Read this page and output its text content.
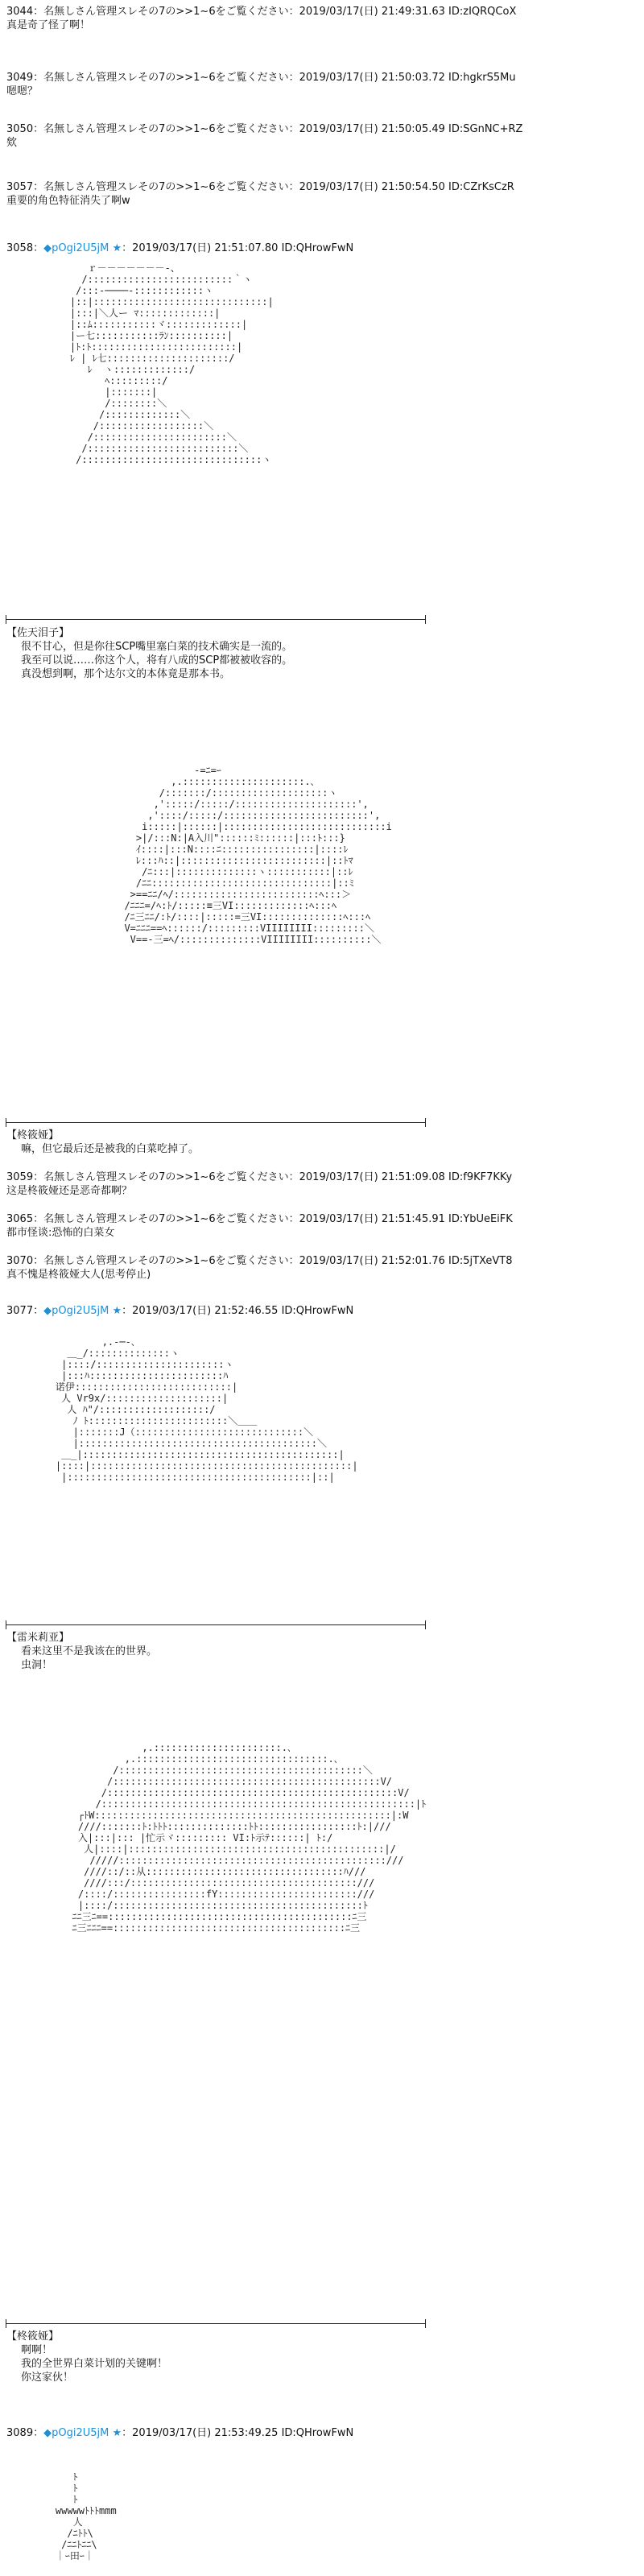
3044：名無しさん管理スレその7の>>1~6をご覧ください：2019/03/17(日) 21:49:31.63 ID:zIQRQCoX
真是奇了怪了啊！
3049：名無しさん管理スレその7の>>1~6をご覧ください：2019/03/17(日) 21:50:03.72 ID:hgkrS5Mu
嗯嗯？
3050：名無しさん管理スレその7の>>1~6をご覧ください：2019/03/17(日) 21:50:05.49 ID:SGnNC+RZ
欸
3057：名無しさん管理スレその7の>>1~6をご覧ください：2019/03/17(日) 21:50:54.50 ID:CZrKsCzR
重要的角色特征消失了啊w
3058：◆pOgi2U5jM ★：2019/03/17(日) 21:51:07.80 ID:QHrowFwN
ｒ－－－－－－－-、
/:::::::::::::::::::::::::｀ヽ
/:::-────-::::::::::::ヽ
|::|::::::::::::::::::::::::::::::|
|:::|＼人ー ﾏ:::::::::::::|
|::ﾑ:::::::::::ヾ:::::::::::::|
|ー七:::::::::::ﾗﾝ::::::::::|
|ﾄ:ﾄ:::::::::::::::::::::::::|
ﾚ | ﾚ七:::::::::::::::::::::/
ﾚ  ヽ:::::::::::::/
ﾍ:::::::::/
|:::::::|
/::::::::＼
/:::::::::::::＼
/::::::::::::::::::＼
/:::::::::::::::::::::::＼
/::::::::::::::::::::::::::＼
/:::::::::::::::::::::::::::::::ヽ
【佐天泪子】
很不甘心，但是你往SCP嘴里塞白菜的技术确实是一流的。
我至可以说……你这个人，将有八成的SCP都被被收容的。
真没想到啊，那个达尔文的本体竟是那本书。
-=ﾆ=ｰ
,.:::::::::::::::::::::.､
/:::::::/::::::::::::::::::::ヽ
,':::::/:::::/:::::::::::::::::::::',
,'::::/:::::/:::::::::::::::::::::::::',
i:::::|::::::|::::::::::::::::::::::::::::i
>|/:::N:|A入川"::::::ﾐ::::::|:::ﾄ:::}
ｲ::::|:::N::::ﾆ::::::::::::::::|::::ﾚ
ﾚ:::ﾊ::|:::::::::::::::::::::::::|::ﾄﾏ
/ﾆ:::|::::::::::::::ヽ:::::::::::|::ﾚ
/ﾆﾆ:::::::::::::::::::::::::::::::|::ﾐ
>==ﾆﾆ/ﾍ/:::::::::::::::::::::::::ﾍ:::＞
/ﾆﾆﾆ=/ﾍ:ﾄ/:::::≡三VI:::::::::::::ﾍ:::ﾍ
/ﾆ三ﾆﾆ/:ﾄ/::::|:::::=三VI::::::::::::::ﾍ:::ﾍ
V=ﾆﾆﾆ==ﾍ::::::/:::::::::VIIIIIIII:::::::::＼
V==-三=ﾍ/::::::::::::::VIIIIIIII::::::::::＼
【柊筱娅】
嘛，但它最后还是被我的白菜吃掉了。
3059：名無しさん管理スレその7の>>1~6をご覧ください：2019/03/17(日) 21:51:09.08 ID:f9KF7KKy
这是柊筱娅还是恶奇都啊？
3065：名無しさん管理スレその7の>>1~6をご覧ください：2019/03/17(日) 21:51:45.91 ID:YbUeEiFK
都市怪谈:恐怖的白菜女
3070：名無しさん管理スレその7の>>1~6をご覧ください：2019/03/17(日) 21:52:01.76 ID:5jTXeVT8
真不愧是柊筱娅大人(思考停止)
3077：◆pOgi2U5jM ★：2019/03/17(日) 21:52:46.55 ID:QHrowFwN
,.-─-､
＿_/::::::::::::::ヽ
|::::/::::::::::::::::::::::ヽ
|:::ﾊ:::::::::::::::::::::::ﾊ
诺伊:::::::::::::::::::::::::::|
人 Vr9x/::::::::::::::::::::|
人 ﾊ"/:::::::::::::::::::/
ﾉ ﾄ::::::::::::::::::::::::＼＿＿
|:::::::J（:::::::::::::::::::::::::::::＼
|:::::::::::::::::::::::::::::::::::::::::＼
＿_|::::::::::::::::::::::::::::::::::::::::::::|
|::::|:::::::::::::::::::::::::::::::::::::::::::::|
|::::::::::::::::::::::::::::::::::::::::::|::|
【雷米莉亚】
看来这里不是我该在的世界。
虫洞！
,.::::::::::::::::::::::.､
,.:::::::::::::::::::::::::::::::::.､
/::::::::::::::::::::::::::::::::::::::::::＼
/::::::::::::::::::::::::::::::::::::::::::::::V/
/::::::::::::::::::::::::::::::::::::::::::::::::::V/
/::::::::::::::::::::::::::::::::::::::::::::::::::::::|ﾄ
┌ﾄW:::::::::::::::::::::::::::::::::::::::::::::::::::|:W
////:::::::ﾄ:ﾄﾄﾄ::::::::::::::ﾄﾄ:::::::::::::::::ﾄ:|///
入|:::|::: |忙示ヾ::::::::: VI:ﾄ示ﾃ::::::| ﾄ:/
人|::::|::::::::::::::::::::::::::::::::::::::::::::|/
/////::::::::::::::::::::::::::::::::::::::::::::::///
////::/::从::::::::::::::::::::::::::::::::::ﾊ///
////:::/:::::::::::::::::::::::::::::::::::::::///
/::::/::::::::::::::::fY::::::::::::::::::::::::///
|::::/:::::::::::::::::::::::::::::::::::::::::::ﾄ
ﾆﾆ三ﾆ==::::::::::::::::::::::::::::::::::::::::::ﾆ三
ﾆ三ﾆﾆﾆ==::::::::::::::::::::::::::::::::::::::::ﾆ三
【柊筱娅】
啊啊！
我的全世界白菜计划的关键啊！
你这家伙！
3089：◆pOgi2U5jM ★：2019/03/17(日) 21:53:49.25 ID:QHrowFwN
ﾄ
ﾄ
ﾄ
wwwwwﾄﾄﾄmmm
人
/ﾆﾄﾄ\
/ﾆﾆﾄﾆﾆ\
｜ｰ田ｰ｜
